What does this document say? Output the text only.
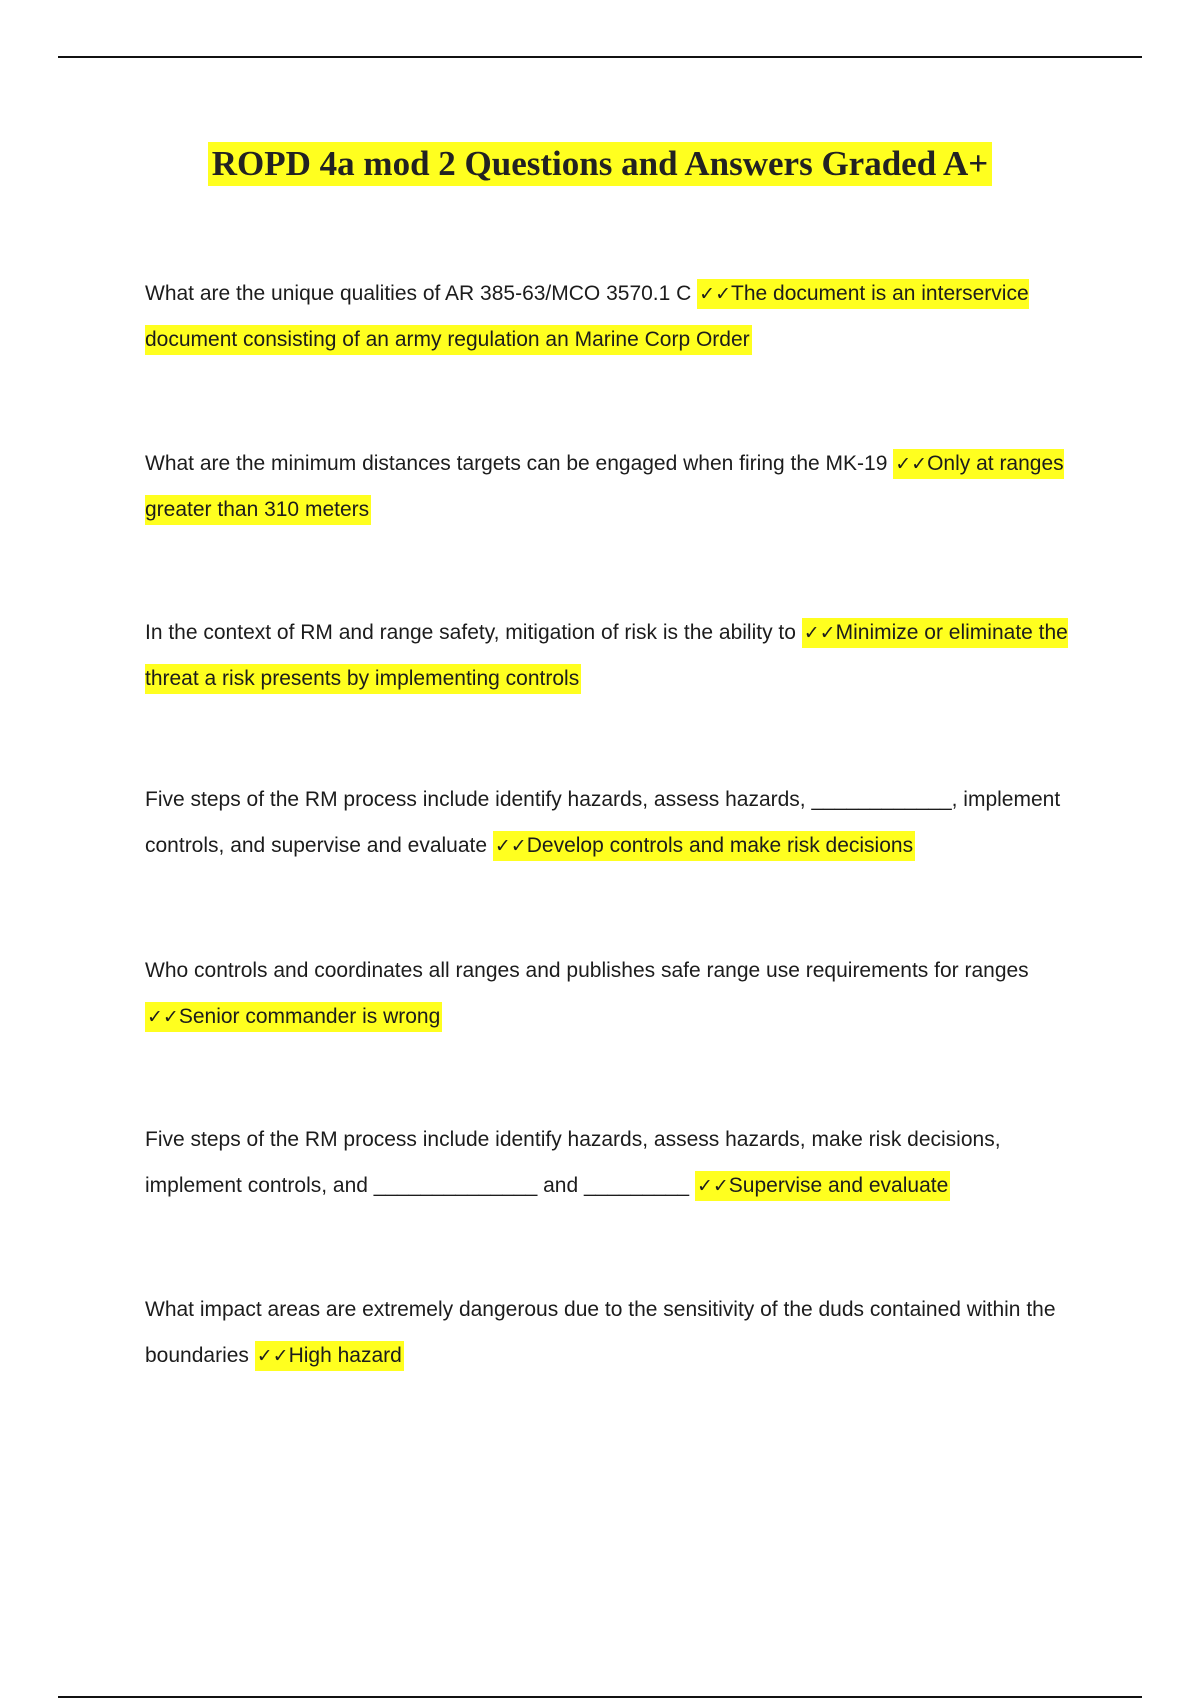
ROPD 4a mod 2 Questions and Answers Graded A+
What are the unique qualities of AR 385-63/MCO 3570.1 C ✓✓The document is an interservice document consisting of an army regulation an Marine Corp Order
What are the minimum distances targets can be engaged when firing the MK-19 ✓✓Only at ranges greater than 310 meters
In the context of RM and range safety, mitigation of risk is the ability to ✓✓Minimize or eliminate the threat a risk presents by implementing controls
Five steps of the RM process include identify hazards, assess hazards, ____________, implement controls, and supervise and evaluate ✓✓Develop controls and make risk decisions
Who controls and coordinates all ranges and publishes safe range use requirements for ranges ✓✓Senior commander is wrong
Five steps of the RM process include identify hazards, assess hazards, make risk decisions, implement controls, and ______________ and _________ ✓✓Supervise and evaluate
What impact areas are extremely dangerous due to the sensitivity of the duds contained within the boundaries ✓✓High hazard
